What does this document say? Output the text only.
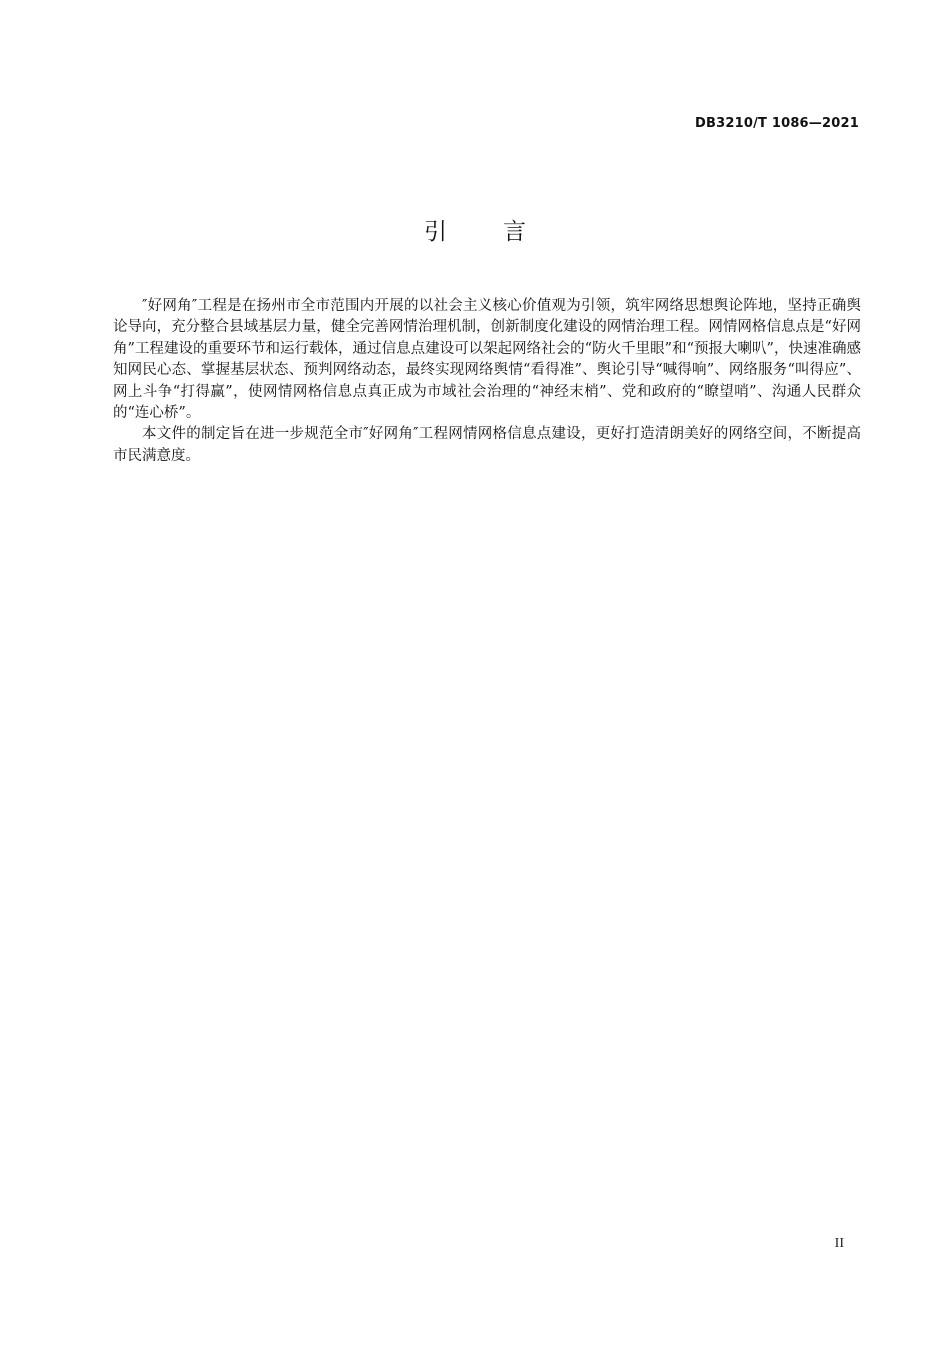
DB3210/T 1086—2021
引言

″好网角″工程是在扬州市全市范围内开展的以社会主义核心价值观为引领，筑牢网络思想舆论阵地，坚持正确舆论导向，充分整合县域基层力量，健全完善网情治理机制，创新制度化建设的网情治理工程。网情网格信息点是“好网角”工程建设的重要环节和运行载体，通过信息点建设可以架起网络社会的“防火千里眼”和“预报大喇叭”，快速准确感知网民心态、掌握基层状态、预判网络动态，最终实现网络舆情“看得准”、舆论引导“喊得响”、网络服务“叫得应”、网上斗争“打得赢”，使网情网格信息点真正成为市域社会治理的“神经末梢”、党和政府的“瞭望哨”、沟通人民群众的“连心桥”。

本文件的制定旨在进一步规范全市″好网角″工程网情网格信息点建设，更好打造清朗美好的网络空间，不断提高市民满意度。

II
